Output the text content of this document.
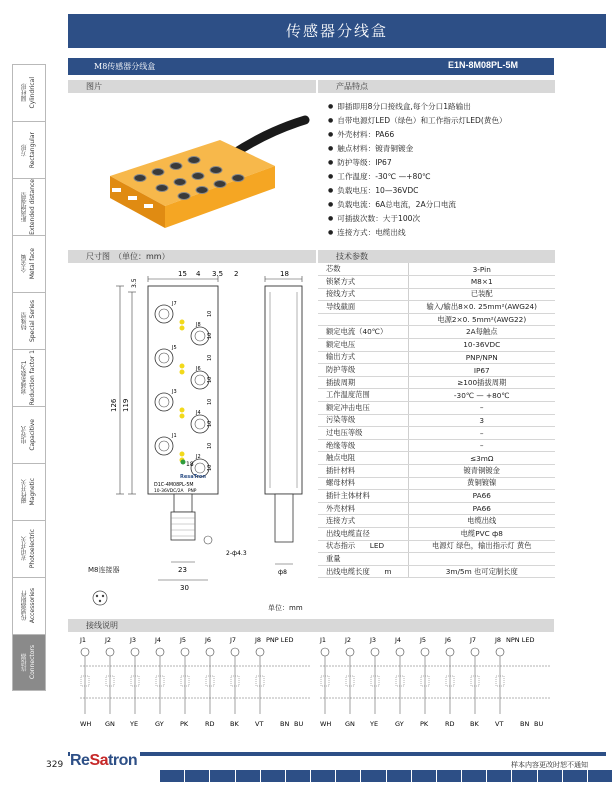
传感器分线盒
圆柱形 Cylindrical
方形 Rectangular
距离增强型 Extended distance
全金属 Metal face
特殊型 Special Series
衰减系数为1 Reduction factor 1
电容式 Capacitive
磁性开关 Magnetic
光电开关 Photoelectric
传感器附件 Accessories
连接器 Connectors
M8传感器分线盒	E1N-8M08PL-5M
图片	产品特点
● 即插即用8分口接线盒,每个分口1路输出
● 自带电源灯LED（绿色）和工作指示灯LED(黄色）
● 外壳材料：PA66
● 触点材料：镀青铜镀金
● 防护等级：IP67
● 工作温度：-30℃ —+80℃
● 负载电压：10—36VDC
● 负载电流：6A总电流，2A分口电流
● 可插拔次数：大于100次
● 连接方式：电缆出线
尺寸图　（单位：mm）	技术参数
15 4 3.5 2	18
3.5
126 119
J7
10
J8
10
J5
10
J6
10
J3
10
J4
10
J1
10
J2
10
ResaTron
D1C-4M08PL-5M
10-36VDC/2A　PNP
18
23
30
ф8
2-ф4.3
M8连接器
单位：mm
芯数	3-Pin
锁紧方式	M8×1
接线方式	已装配
导线截面	输入/输出8×0. 25mm²(AWG24)
	电源2×0. 5mm²(AWG22)
额定电流（40℃）	2A每触点
额定电压	10-36VDC
输出方式	PNP/NPN
防护等级	IP67
插拔周期	≥100插拔周期
工作温度范围	-30℃ — +80℃
额定冲击电压	–
污染等级	3
过电压等级	–
绝缘等级	–
触点电阻	≤3mΩ
插针材料	镀青铜镀金
螺母材料	黄铜镀镍
插针主体材料	PA66
外壳材料	PA66
连接方式	电缆出线
出线电缆直径	电缆PVC ф8
状态指示　　LED	电源灯 绿色，输出指示灯 黄色
重量	
出线电缆长度　　m	3m/5m 也可定制长度
接线说明
J1	J2	J3	J4	J5	J6	J7	J8 PNP LED
WH GN YE	GY	PK	RD BK	VT	BN BU
J1	J2	J3	J4	J5	J6	J7	J8 NPN LED
WH GN YE	GY	PK	RD BK	VT	BN BU
329 ReSatron	样本内容更改时恕不通知
